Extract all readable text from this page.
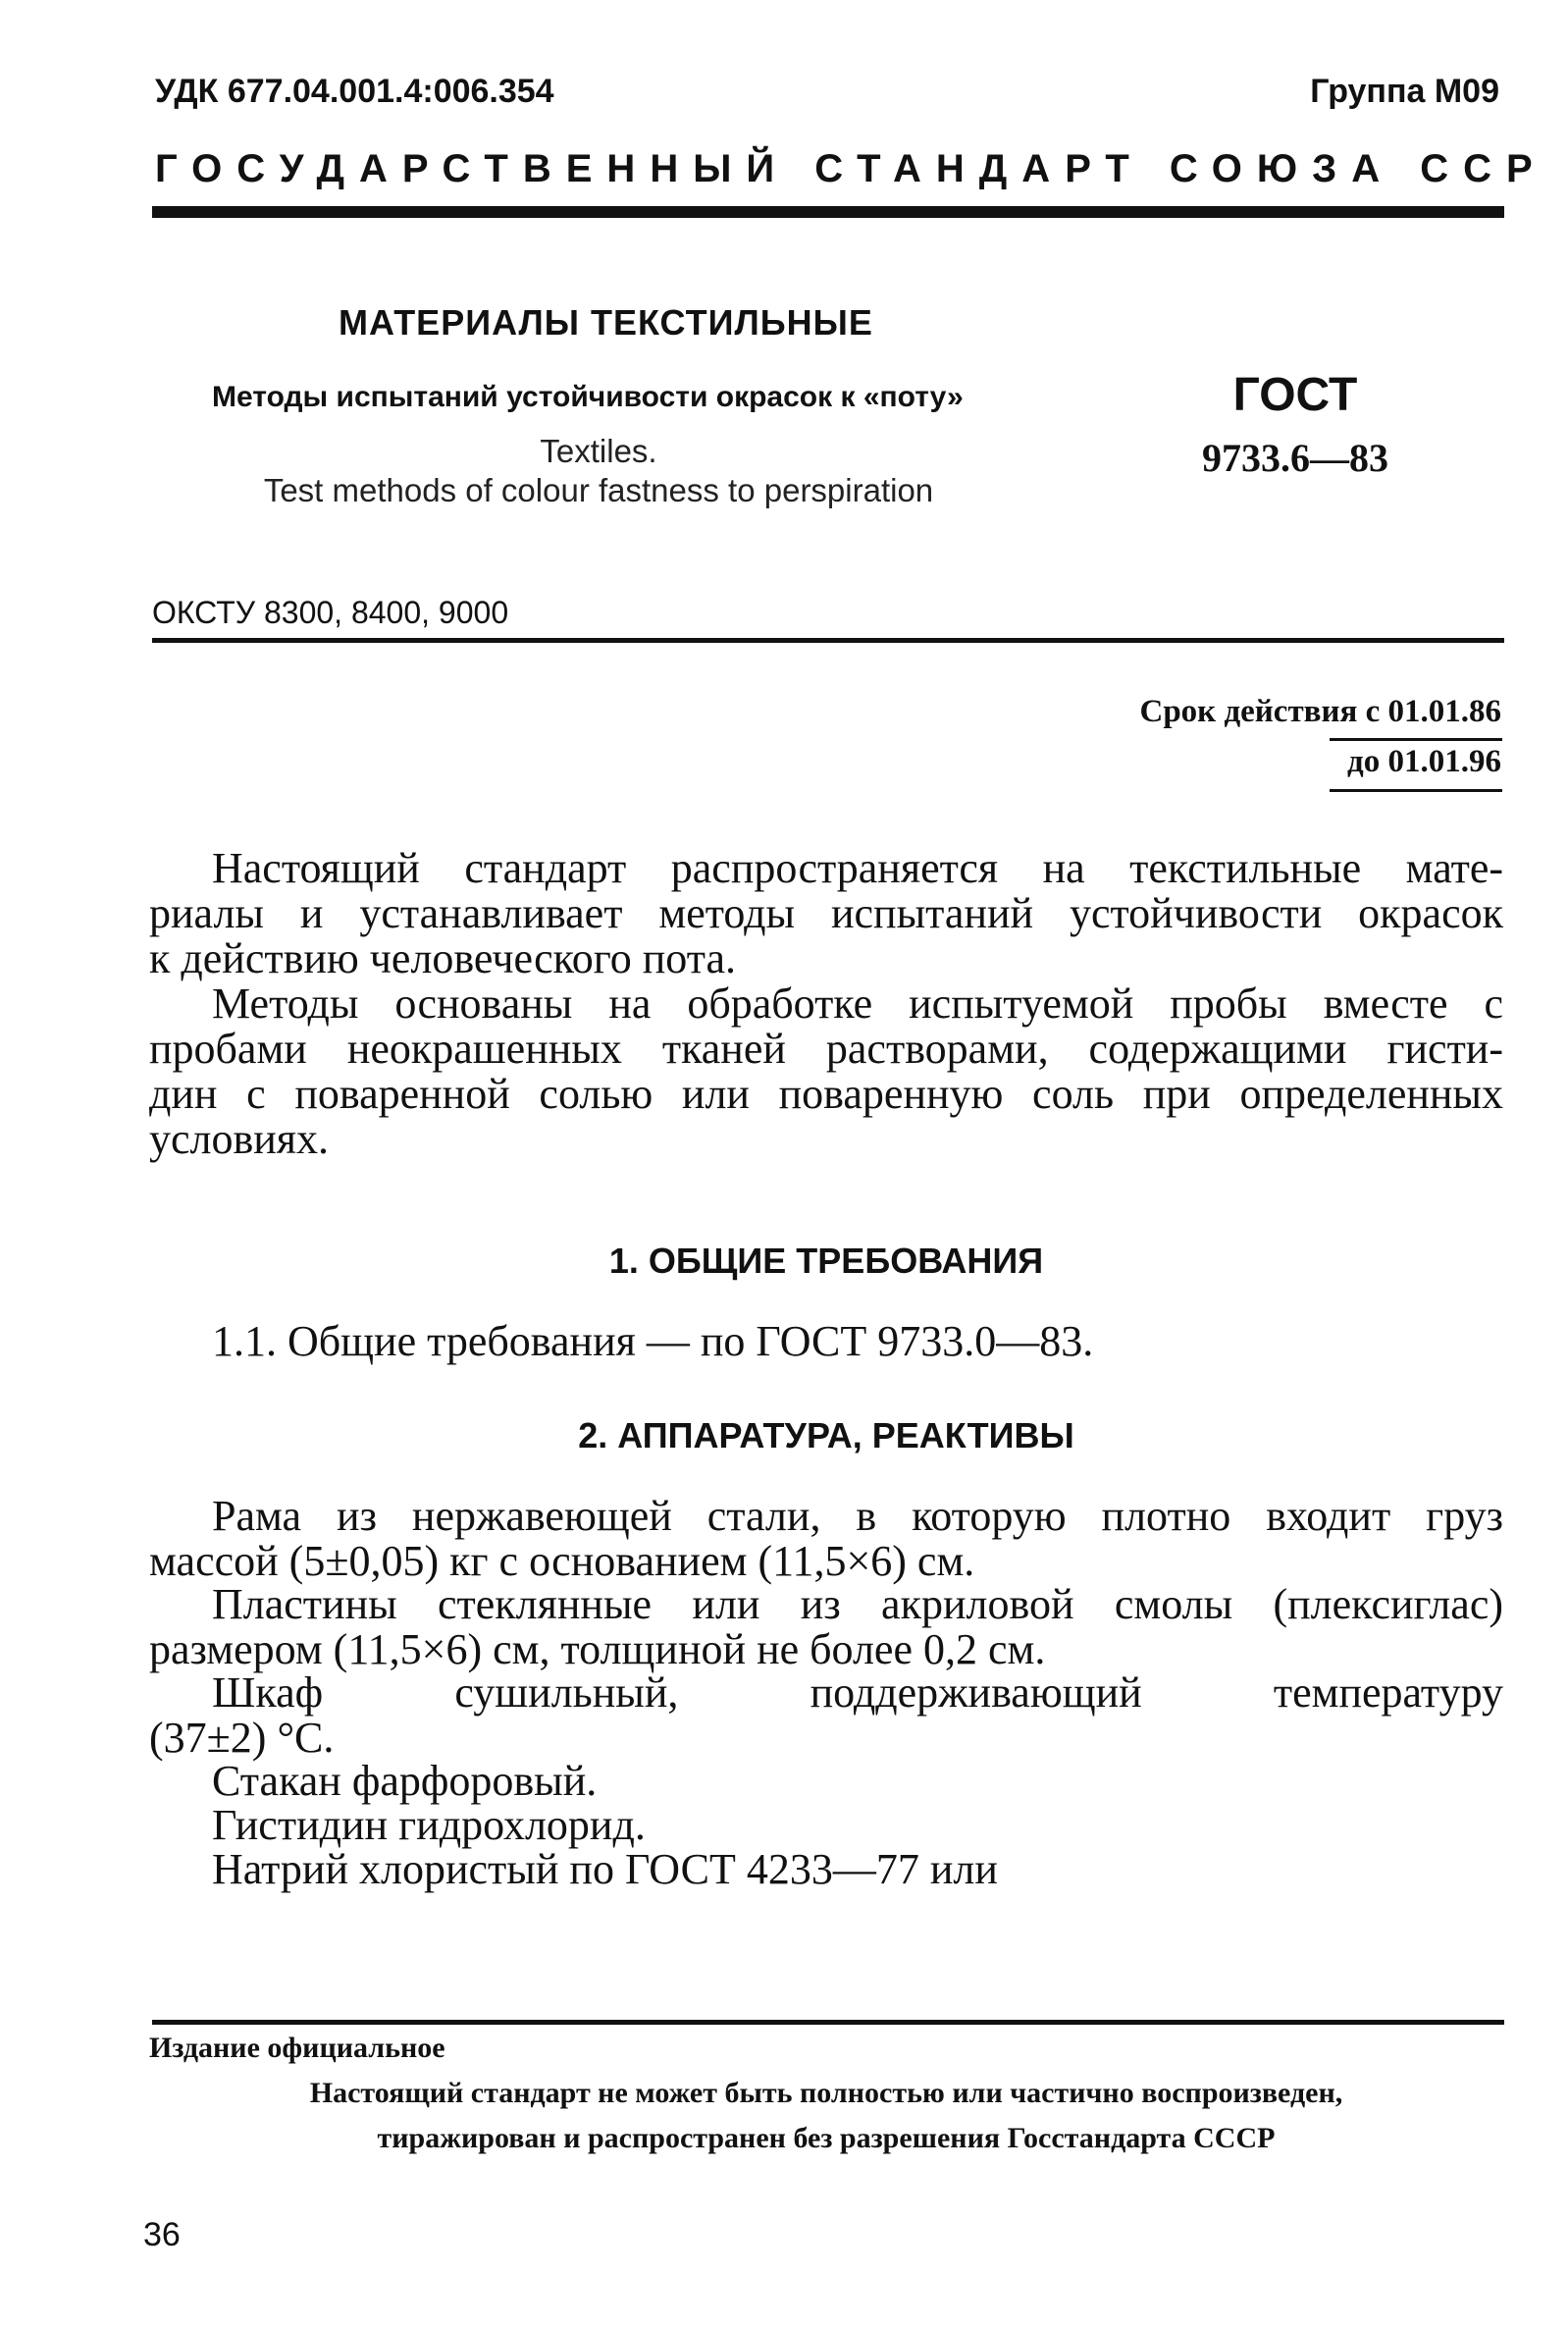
УДК 677.04.001.4:006.354	Группа М09
ГОСУДАРСТВЕННЫЙ СТАНДАРТ СОЮЗА ССР
МАТЕРИАЛЫ ТЕКСТИЛЬНЫЕ
Методы испытаний устойчивости окрасок к «поту»
Textiles.
Test methods of colour fastness to perspiration
ГОСТ
9733.6—83
ОКСТУ 8300, 8400, 9000
Срок действия с 01.01.86
до 01.01.96
Настоящий стандарт распространяется на текстильные мате-
риалы и устанавливает методы испытаний устойчивости окрасок
к действию человеческого пота.
Методы основаны на обработке испытуемой пробы вместе с
пробами неокрашенных тканей растворами, содержащими гисти-
дин с поваренной солью или поваренную соль при определенных
условиях.
1. ОБЩИЕ ТРЕБОВАНИЯ
1.1. Общие требования — по ГОСТ 9733.0—83.
2. АППАРАТУРА, РЕАКТИВЫ
Рама из нержавеющей стали, в которую плотно входит груз
массой (5±0,05) кг с основанием (11,5×6) см.
Пластины стеклянные или из акриловой смолы (плексиглас)
размером (11,5×6) см, толщиной не более 0,2 см.
Шкаф сушильный, поддерживающий температуру
(37±2) °С.
Стакан фарфоровый.
Гистидин гидрохлорид.
Натрий хлористый по ГОСТ 4233—77 или
Издание официальное
Настоящий стандарт не может быть полностью или частично воспроизведен,
тиражирован и распространен без разрешения Госстандарта СССР
36
